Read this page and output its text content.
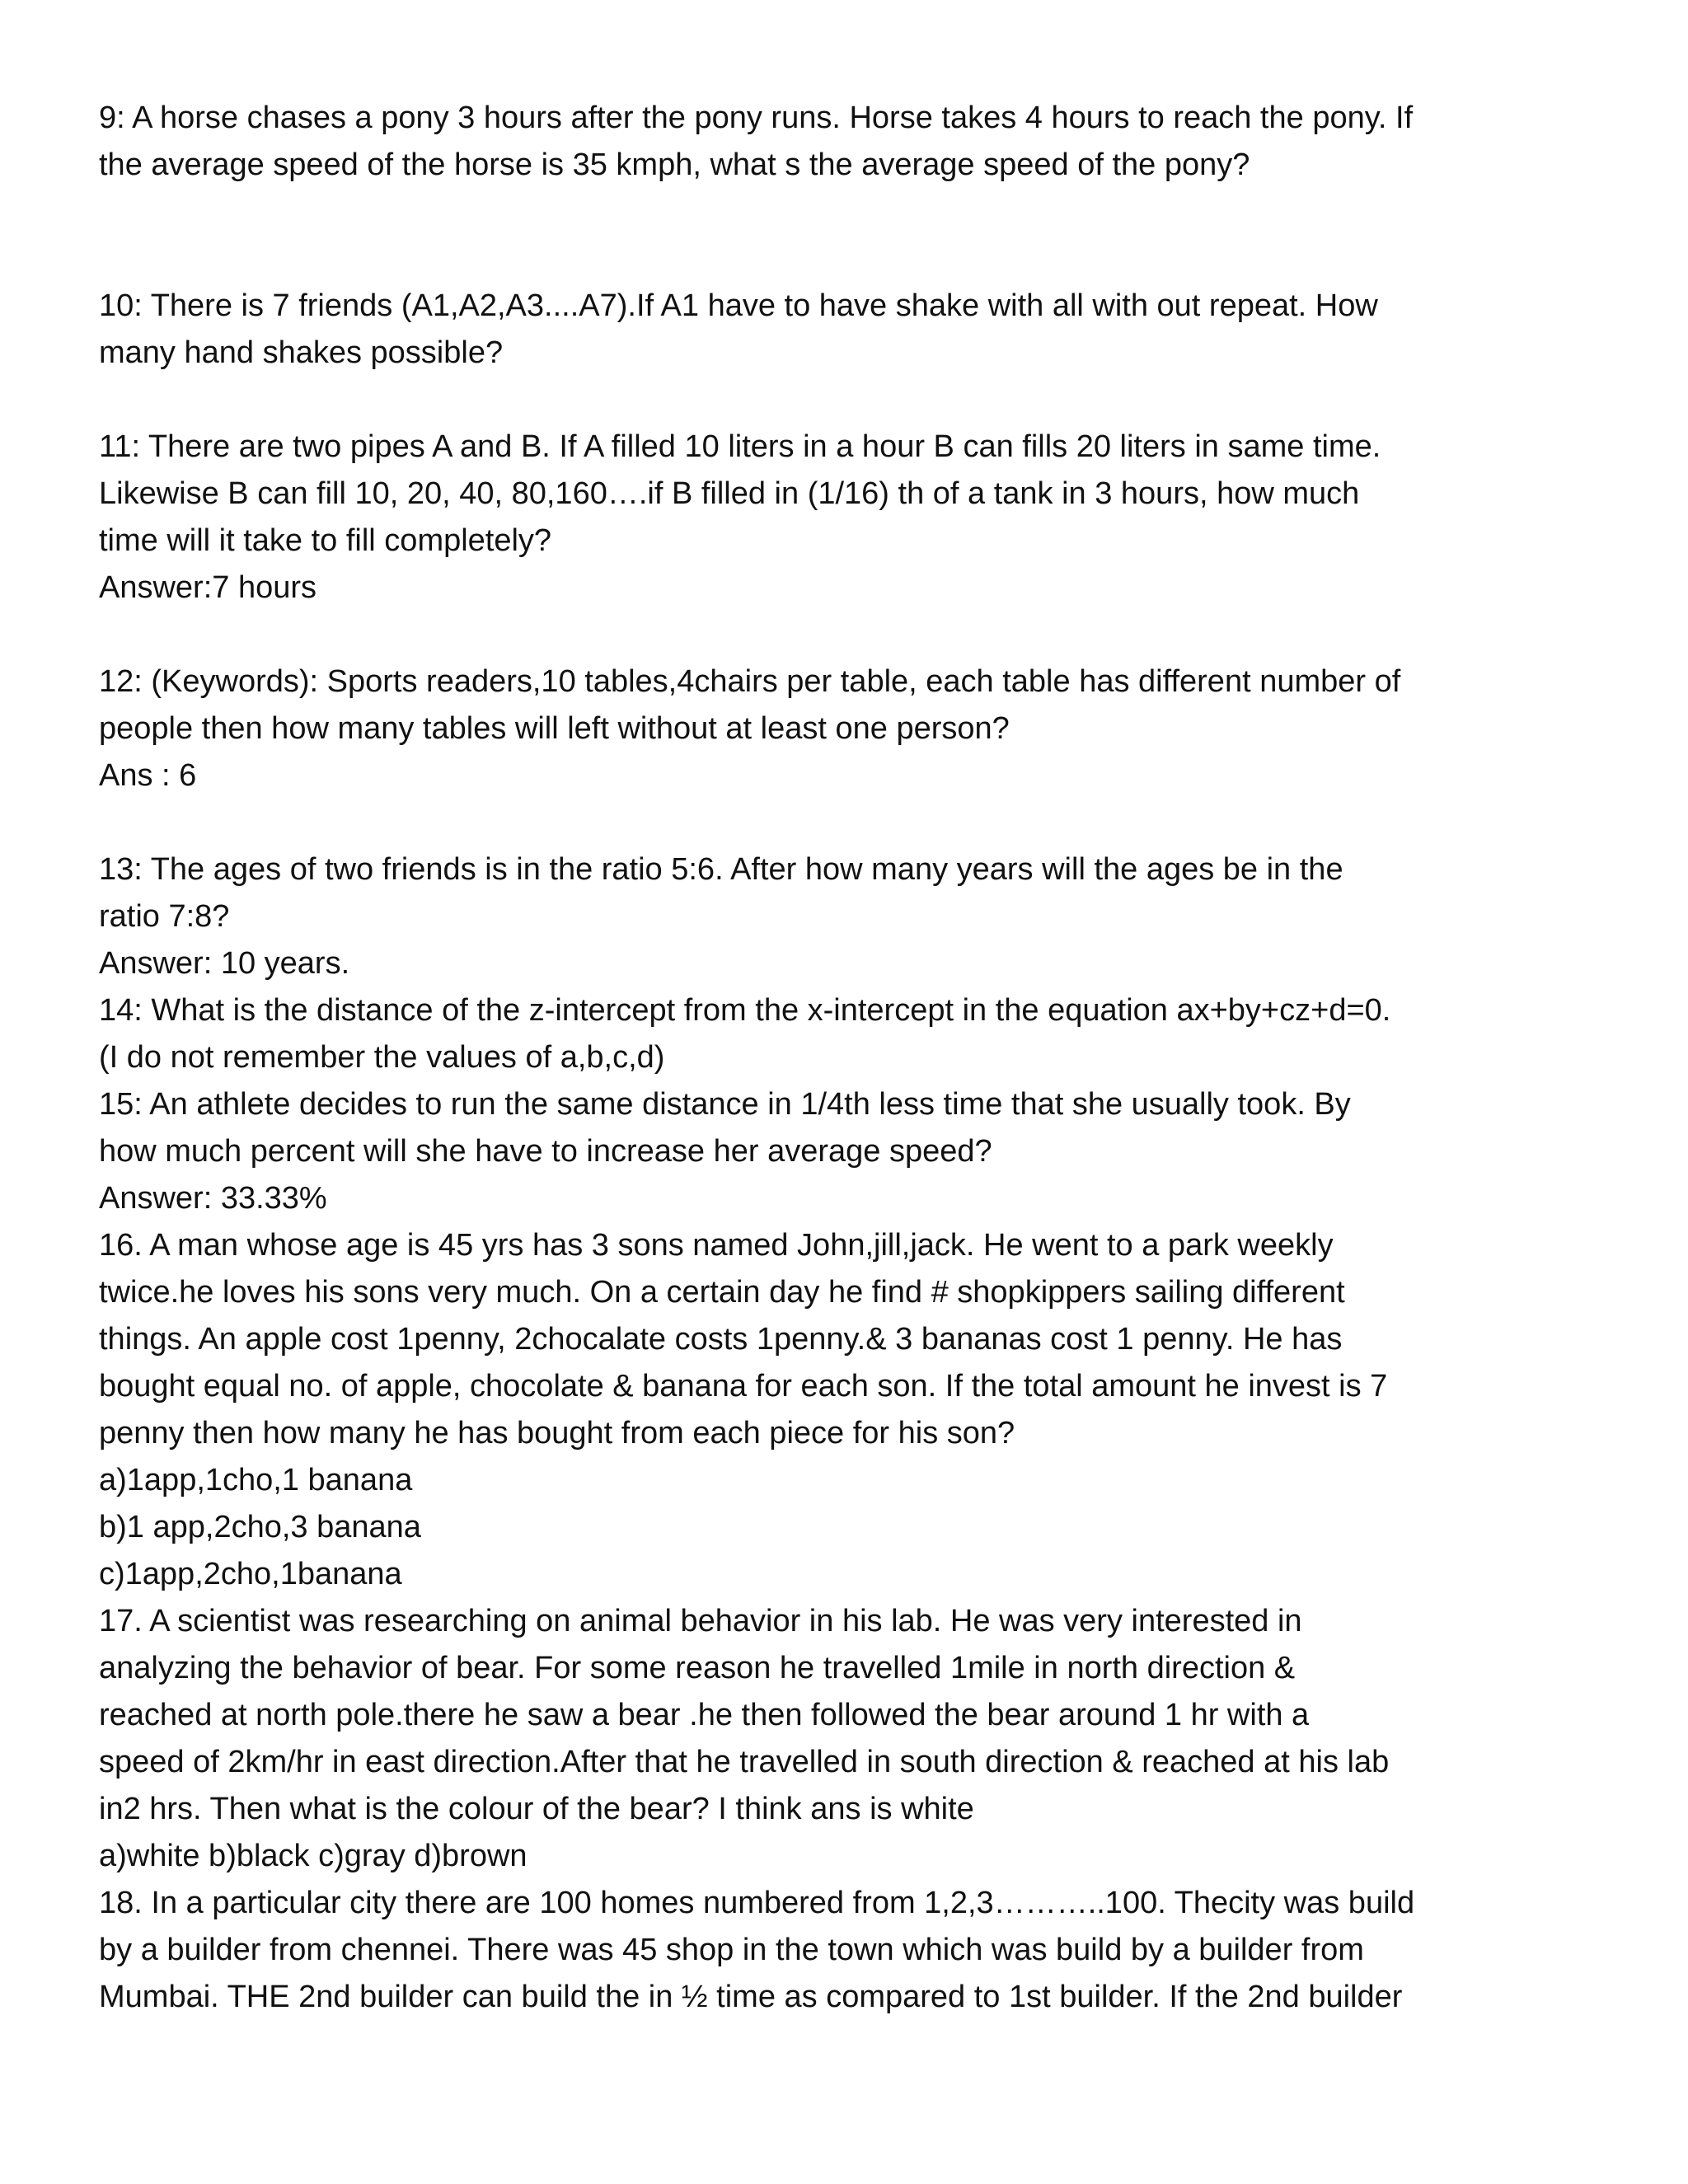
9: A horse chases a pony 3 hours after the pony runs. Horse takes 4 hours to reach the pony. If
the average speed of the horse is 35 kmph, what s the average speed of the pony?
10: There is 7 friends (A1,A2,A3....A7).If A1 have to have shake with all with out repeat. How
many hand shakes possible?
11: There are two pipes A and B. If A filled 10 liters in a hour B can fills 20 liters in same time.
Likewise B can fill 10, 20, 40, 80,160….if B filled in (1/16) th of a tank in 3 hours, how much
time will it take to fill completely?
Answer:7 hours
12: (Keywords): Sports readers,10 tables,4chairs per table, each table has different number of
people then how many tables will left without at least one person?
Ans : 6
13: The ages of two friends is in the ratio 5:6. After how many years will the ages be in the
ratio 7:8?
Answer: 10 years.
14: What is the distance of the z-intercept from the x-intercept in the equation ax+by+cz+d=0.
(I do not remember the values of a,b,c,d)
15: An athlete decides to run the same distance in 1/4th less time that she usually took. By
how much percent will she have to increase her average speed?
Answer: 33.33%
16. A man whose age is 45 yrs has 3 sons named John,jill,jack. He went to a park weekly
twice.he loves his sons very much. On a certain day he find # shopkippers sailing different
things. An apple cost 1penny, 2chocalate costs 1penny.& 3 bananas cost 1 penny. He has
bought equal no. of apple, chocolate & banana for each son. If the total amount he invest is 7
penny then how many he has bought from each piece for his son?
a)1app,1cho,1 banana
b)1 app,2cho,3 banana
c)1app,2cho,1banana
17. A scientist was researching on animal behavior in his lab. He was very interested in
analyzing the behavior of bear. For some reason he travelled 1mile in north direction &
reached at north pole.there he saw a bear .he then followed the bear around 1 hr with a
speed of 2km/hr in east direction.After that he travelled in south direction & reached at his lab
in2 hrs. Then what is the colour of the bear? I think ans is white
a)white b)black c)gray d)brown
18. In a particular city there are 100 homes numbered from 1,2,3………..100. Thecity was build
by a builder from chennei. There was 45 shop in the town which was build by a builder from
Mumbai. THE 2nd builder can build the in ½ time as compared to 1st builder. If the 2nd builder
